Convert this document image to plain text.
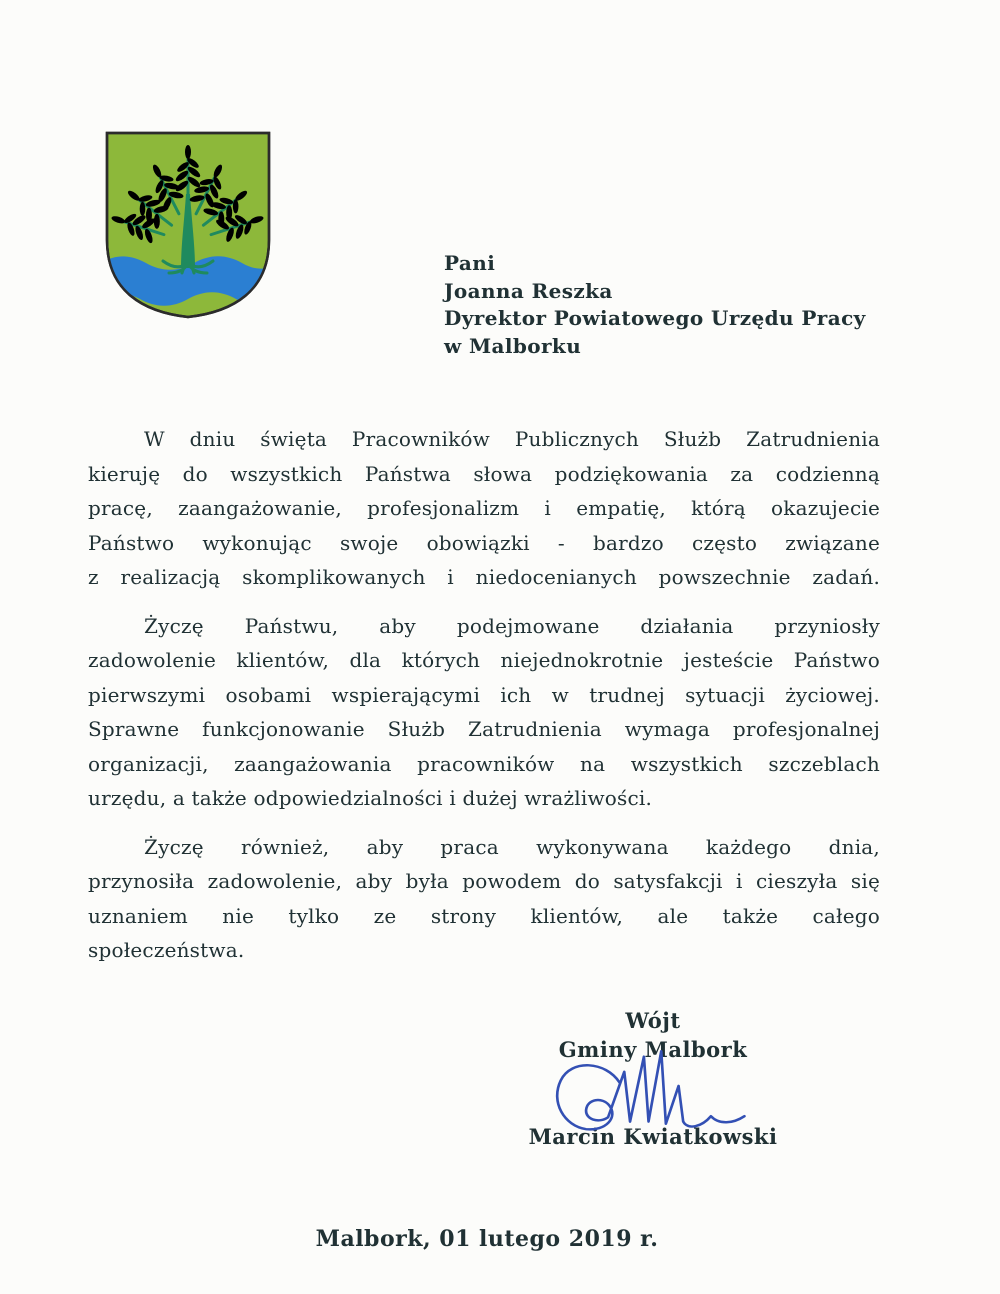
Pani
Joanna Reszka
Dyrektor Powiatowego Urzędu Pracy
w Malborku
W dniu święta Pracowników Publicznych Służb Zatrudnienia
kieruję do wszystkich Państwa słowa podziękowania za codzienną
pracę, zaangażowanie, profesjonalizm i empatię, którą okazujecie
Państwo wykonując swoje obowiązki - bardzo często związane
z realizacją skomplikowanych i niedocenianych powszechnie zadań.
Życzę Państwu, aby podejmowane działania przyniosły
zadowolenie klientów, dla których niejednokrotnie jesteście Państwo
pierwszymi osobami wspierającymi ich w trudnej sytuacji życiowej.
Sprawne funkcjonowanie Służb Zatrudnienia wymaga profesjonalnej
organizacji, zaangażowania pracowników na wszystkich szczeblach
urzędu, a także odpowiedzialności i dużej wrażliwości.
Życzę również, aby praca wykonywana każdego dnia,
przynosiła zadowolenie, aby była powodem do satysfakcji i cieszyła się
uznaniem nie tylko ze strony klientów, ale także całego
społeczeństwa.
Wójt
Gminy Malbork
Marcin Kwiatkowski
Malbork, 01 lutego 2019 r.
